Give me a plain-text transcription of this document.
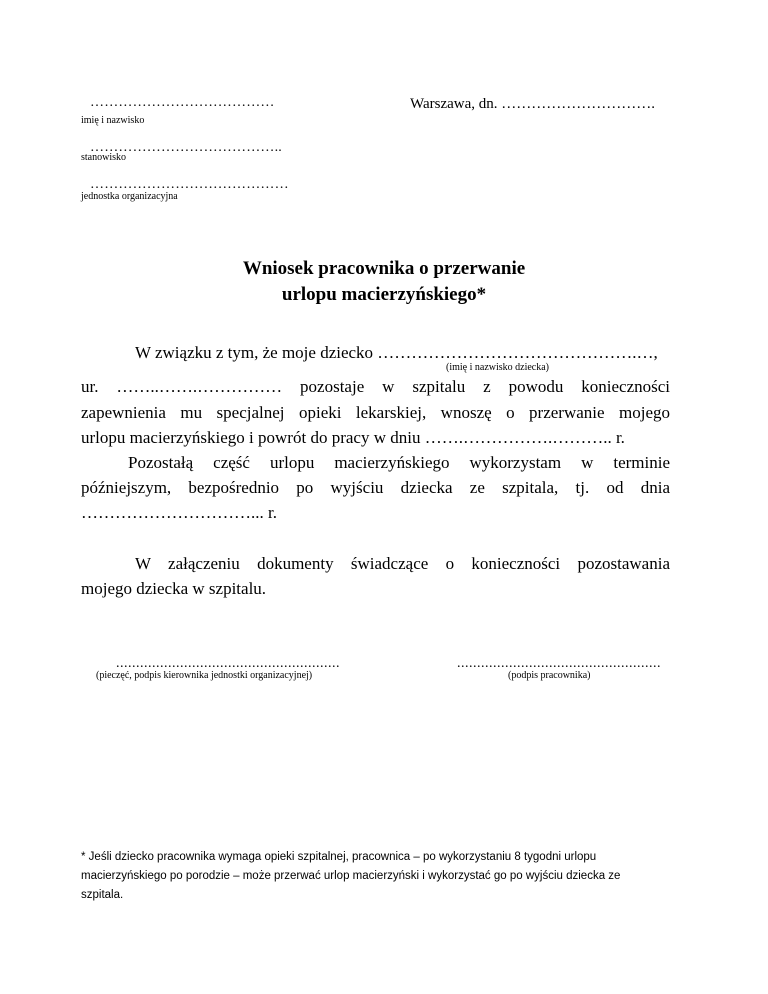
…………………………………
imię i nazwisko
…………………………………..
stanowisko
……………………………………
jednostka organizacyjna
Warszawa, dn. ………………………….
Wniosek pracownika o przerwanie
urlopu macierzyńskiego*
W związku z tym, że moje dziecko ……………………………………….…,
(imię i nazwisko dziecka)
ur. ……..…….…………… pozostaje w szpitalu z powodu konieczności
zapewnienia mu specjalnej opieki lekarskiej, wnoszę o przerwanie mojego
urlopu macierzyńskiego i powrót do pracy w dniu …….…………….……….. r.
Pozostałą część urlopu macierzyńskiego wykorzystam w terminie
późniejszym, bezpośrednio po wyjściu dziecka ze szpitala, tj. od dnia
…………………………... r.
W załączeniu dokumenty świadczące o konieczności pozostawania
mojego dziecka w szpitalu.
........................................................
(pieczęć, podpis kierownika jednostki organizacyjnej)
...................................................
(podpis pracownika)
* Jeśli dziecko pracownika wymaga opieki szpitalnej, pracownica – po wykorzystaniu 8 tygodni urlopu
macierzyńskiego po porodzie – może przerwać urlop macierzyński i wykorzystać go po wyjściu dziecka ze
szpitala.
